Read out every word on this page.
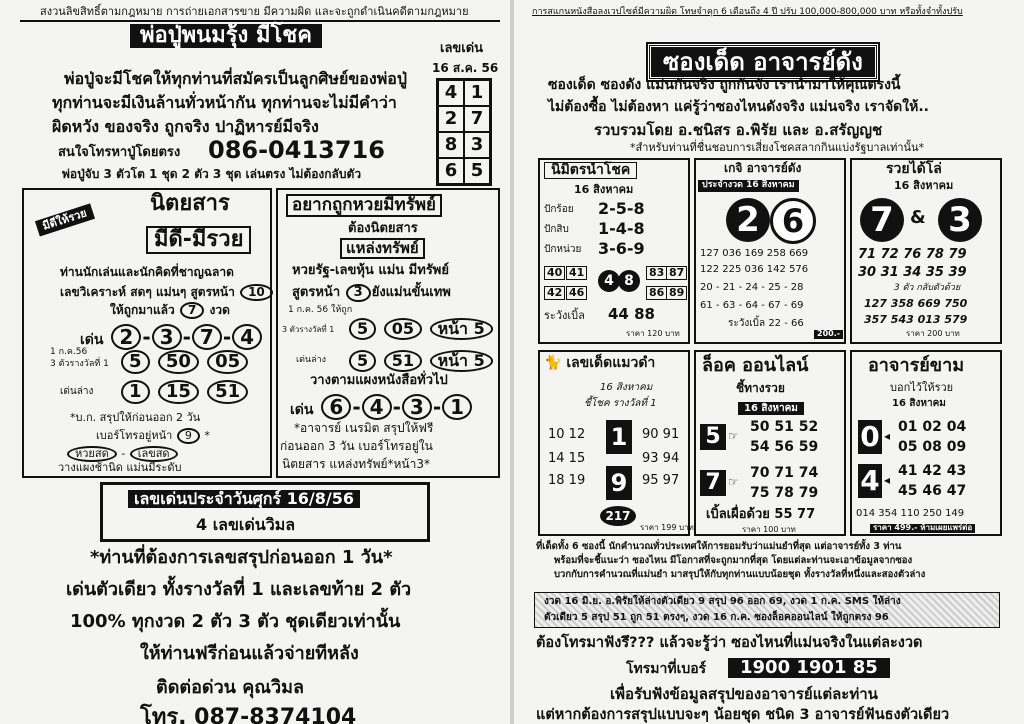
สงวนลิขสิทธิ์ตามกฎหมาย การถ่ายเอกสารขาย มีความผิด และจะถูกดำเนินคดีตามกฎหมาย
พ่อปู่พนมรุ้ง มีโชค
พ่อปู่จะมีโชคให้ทุกท่านที่สมัครเป็นลูกศิษย์ของพ่อปู่
ทุกท่านจะมีเงินล้านทั่วหน้ากัน ทุกท่านจะไม่มีคำว่า
ผิดหวัง ของจริง ถูกจริง ปาฏิหารย์มีจริง
สนใจโทรหาปู่โดยตรง 086-0413716
พ่อปู่จับ 3 ตัวโต 1 ชุด 2 ตัว 3 ชุด เล่นตรง ไม่ต้องกลับตัว
เลขเด่น
16 ส.ค. 56
4 1
2 7
8 3
6 5
มีดีให้รวย
นิตยสาร
มีดี-มีรวย
ท่านนักเล่นและนักคิดที่ชาญฉลาด
เลขวิเคราะห์ สดๆ แม่นๆ สูตรหน้า 10
ให้ถูกมาแล้ว 7 งวด
เด่น 2 - 3 - 7 - 4
1 ก.ค.56
3 ตัวรางวัลที่ 1	5 50 05
เด่นล่าง	1 15 51
*บ.ก. สรุปให้ก่อนออก 2 วัน
เบอร์โทรอยู่หน้า 9 *
หวยสด - เลขสด
วางแผงช้านิด แม่นมีระดับ
อยากถูกหวยมีทรัพย์
ต้องนิตยสาร
แหล่งทรัพย์
หวยรัฐ-เลขหุ้น แม่น มีทรัพย์
สูตรหน้า 3 ยังแม่นขั้นเทพ
1 ก.ค. 56 ให้ถูก
3 ตัวรางวัลที่ 1	5 05 หน้า 5
เด่นล่าง	5 51 หน้า 5
วางตามแผงหนังสือทั่วไป
เด่น 6 - 4 - 3 - 1
*อาจารย์ เนรมิต สรุปให้ฟรี
ก่อนออก 3 วัน เบอร์โทรอยู่ใน
นิตยสาร แหล่งทรัพย์*หน้า3*
เลขเด่นประจำวันศุกร์ 16/8/56
4 เลขเด่นวิมล
*ท่านที่ต้องการเลขสรุปก่อนออก 1 วัน*
เด่นตัวเดียว ทั้งรางวัลที่ 1 และเลขท้าย 2 ตัว
100% ทุกงวด 2 ตัว 3 ตัว ชุดเดียวเท่านั้น
ให้ท่านฟรีก่อนแล้วจ่ายทีหลัง
ติดต่อด่วน คุณวิมล
โทร. 087-8374104
การสแกนหนังสือลงเวปไซต์มีความผิด โทษจำคุก 6 เดือนถึง 4 ปี ปรับ 100,000-800,000 บาท หรือทั้งจำทั้งปรับ
ซองเด็ด อาจารย์ดัง
ซองเด็ด ซองดัง แม่นกันจริง ถูกกันจัง เรานำมาให้คุณตรงนี้
ไม่ต้องซื้อ ไม่ต้องหา แค่รู้ว่าซองไหนดังจริง แม่นจริง เราจัดให้..
รวบรวมโดย อ.ชนิสร อ.พิรัย และ อ.สรัญญช
*สำหรับท่านที่ชื่นชอบการเสี่ยงโชคสลากกินแบ่งรัฐบาลเท่านั้น*
นิมิตรนำโชค
16 สิงหาคม
ปักร้อย 2-5-8
ปักสิบ 1-4-8
ปักหน่วย 3-6-9
40 41
42 46
4 8
83 87
86 89
ระวังเบิ้ล 44 88
ราคา 120 บาท
เกจิ อาจารย์ดัง
ประจำงวด 16 สิงหาคม
2 6
127 036 169 258 669
122 225 036 142 576
20 - 21 - 24 - 25 - 28
61 - 63 - 64 - 67 - 69
ระวังเบิ้ล 22 - 66
200.-
รวยได้โล่
16 สิงหาคม
7 & 3
71 72 76 78 79
30 31 34 35 39
3 ตัว กลับตัวด้วย
127 358 669 750
357 543 013 579
ราคา 200 บาท
🐈 เลขเด็ดแมวดำ
16 สิงหาคม
ชี้โชค รางวัลที่ 1
10 12 1	90 91
14 15	93 94
18 19 9	95 97
217
ราคา 199 บาท
ล็อค ออนไลน์
ชี้ทางรวย
16 สิงหาคม
5 ☞
50 51 52
54 56 59
7 ☞
70 71 74
75 78 79
เบิ้ลเผื่อด้วย 55 77
ราคา 100 บาท
อาจารย์ขาม
บอกไว้ให้รวย
16 สิงหาคม
0 ◂
01 02 04
05 08 09
4 ◂
41 42 43
45 46 47
014 354 110 250 149
ราคา 499.- ห้ามเผยแพร่ต่อ
ที่เด็ดทั้ง 6 ซองนี้ นักคำนวณทั่วประเทศให้การยอมรับว่าแม่นยำที่สุด แต่อาจารย์ทั้ง 3 ท่าน
พร้อมที่จะชี้แนะว่า ซองไหน มีโอกาสที่จะถูกมากที่สุด โดยแต่ละท่านจะเอาข้อมูลจากซอง
บวกกับการคำนวณที่แม่นยำ มาสรุปให้กับทุกท่านแบบน้อยชุด ทั้งรางวัลที่หนึ่งและสองตัวล่าง
งวด 16 มิ.ย. อ.พิรัยให้ล่างตัวเดียว 9 สรุป 96 ออก 69, งวด 1 ก.ค. SMS ให้ล่าง
ตัวเดียว 5 สรุป 51 ถูก 51 ตรงๆ, งวด 16 ก.ค. ซองล็อคออนไลน์ ให้ถูกตรง 96
ต้องโทรมาฟังรึ??? แล้วจะรู้ว่า ซองไหนที่แม่นจริงในแต่ละงวด
โทรมาที่เบอร์	1900 1901 85
เพื่อรับฟังข้อมูลสรุปของอาจารย์แต่ละท่าน
แต่หากต้องการสรุปแบบจะๆ น้อยชุด ชนิด 3 อาจารย์ฟันธงตัวเดียว
